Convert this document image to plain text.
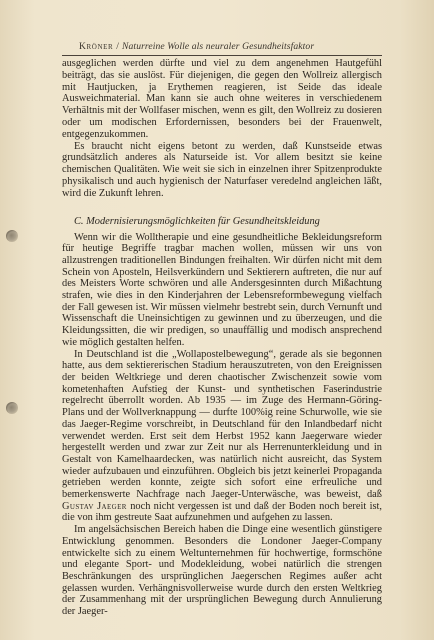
Kröner / Naturreine Wolle als neuraler Gesundheitsfaktor

ausgeglichen werden dürfte und viel zu dem angenehmen Hautgefühl beiträgt, das sie auslöst. Für diejenigen, die gegen den Wollreiz allergisch mit Hautjucken, ja Erythemen reagieren, ist Seide das ideale Ausweichmaterial. Man kann sie auch ohne weiteres in verschiedenem Verhältnis mit der Wollfaser mischen, wenn es gilt, den Wollreiz zu dosieren oder um modischen Erfordernissen, besonders bei der Frauenwelt, entgegenzukommen.

Es braucht nicht eigens betont zu werden, daß Kunstseide etwas grundsätzlich anderes als Naturseide ist. Vor allem besitzt sie keine chemischen Qualitäten. Wie weit sie sich in einzelnen ihrer Spitzenprodukte physikalisch und auch hygienisch der Naturfaser veredelnd angleichen läßt, wird die Zukunft lehren.

C. Modernisierungsmöglichkeiten für Gesundheitskleidung

Wenn wir die Wolltherapie und eine gesundheitliche Bekleidungsreform für heutige Begriffe tragbar machen wollen, müssen wir uns von allzustrengen traditionellen Bindungen freihalten. Wir dürfen nicht mit dem Schein von Aposteln, Heilsverkündern und Sektierern auftreten, die nur auf des Meisters Worte schwören und alle Andersgesinnten durch Mißachtung strafen, wie dies in den Kinderjahren der Lebensreformbewegung vielfach der Fall gewesen ist. Wir müssen vielmehr bestrebt sein, durch Vernunft und Wissenschaft die Uneinsichtigen zu gewinnen und zu überzeugen, und die Kleidungssitten, die wir predigen, so unauffällig und modisch ansprechend wie möglich gestalten helfen.

In Deutschland ist die „Wollapostelbewegung“, gerade als sie begonnen hatte, aus dem sektiererischen Stadium herauszutreten, von den Ereignissen der beiden Weltkriege und deren chaotischer Zwischenzeit sowie vom kometenhaften Aufstieg der Kunst- und synthetischen Faserindustrie regelrecht überrollt worden. Ab 1935 — im Zuge des Hermann-Göring-Plans und der Wollverknappung — durfte 100%ig reine Schurwolle, wie sie das Jaeger-Regime vorschreibt, in Deutschland für den Inlandbedarf nicht verwendet werden. Erst seit dem Herbst 1952 kann Jaegerware wieder hergestellt werden und zwar zur Zeit nur als Herrenunterkleidung und in Gestalt von Kamelhaardecken, was natürlich nicht ausreicht, das System wieder aufzubauen und einzuführen. Obgleich bis jetzt keinerlei Propaganda getrieben werden konnte, zeigte sich sofort eine erfreuliche und bemerkenswerte Nachfrage nach Jaeger-Unterwäsche, was beweist, daß Gustav Jaeger noch nicht vergessen ist und daß der Boden noch bereit ist, die von ihm gestreute Saat aufzunehmen und aufgehen zu lassen.

Im angelsächsischen Bereich haben die Dinge eine wesentlich günstigere Entwicklung genommen. Besonders die Londoner Jaeger-Company entwickelte sich zu einem Weltunternehmen für hochwertige, formschöne und elegante Sport- und Modekleidung, wobei natürlich die strengen Beschränkungen des ursprünglichen Jaegerschen Regimes außer acht gelassen wurden. Verhängnisvollerweise wurde durch den ersten Weltkrieg der Zusammenhang mit der ursprünglichen Bewegung durch Annulierung der Jaeger-
